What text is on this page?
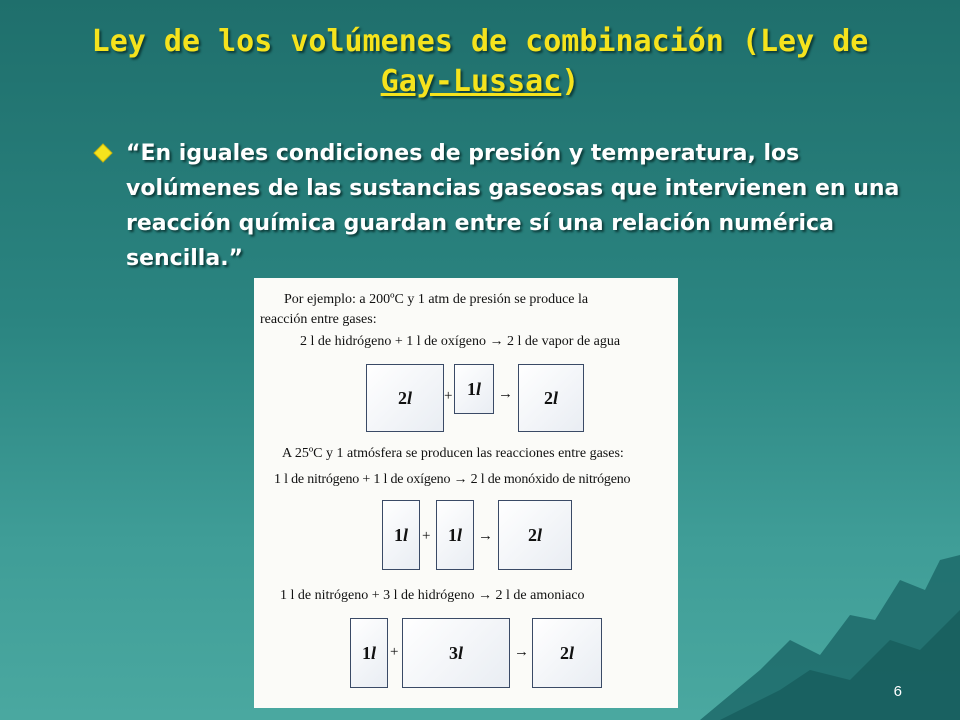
Ley de los volúmenes de combinación (Ley de
Gay-Lussac)
“En iguales condiciones de presión y temperatura, los volúmenes de las sustancias gaseosas que intervienen en una reacción química guardan entre sí una relación numérica sencilla.”
Por ejemplo: a 200ºC y 1 atm de presión se produce la
reacción entre gases:
2 l de hidrógeno + 1 l de oxígeno → 2 l de vapor de agua
2 l + 1 l → 2 l
A 25ºC y 1 atmósfera se producen las reacciones entre gases:
1 l de nitrógeno + 1 l de oxígeno → 2 l de monóxido de nitrógeno
1 l + 1 l → 2 l
1 l de nitrógeno + 3 l de hidrógeno → 2 l de amoniaco
1 l +	3 l	→ 2 l
6
